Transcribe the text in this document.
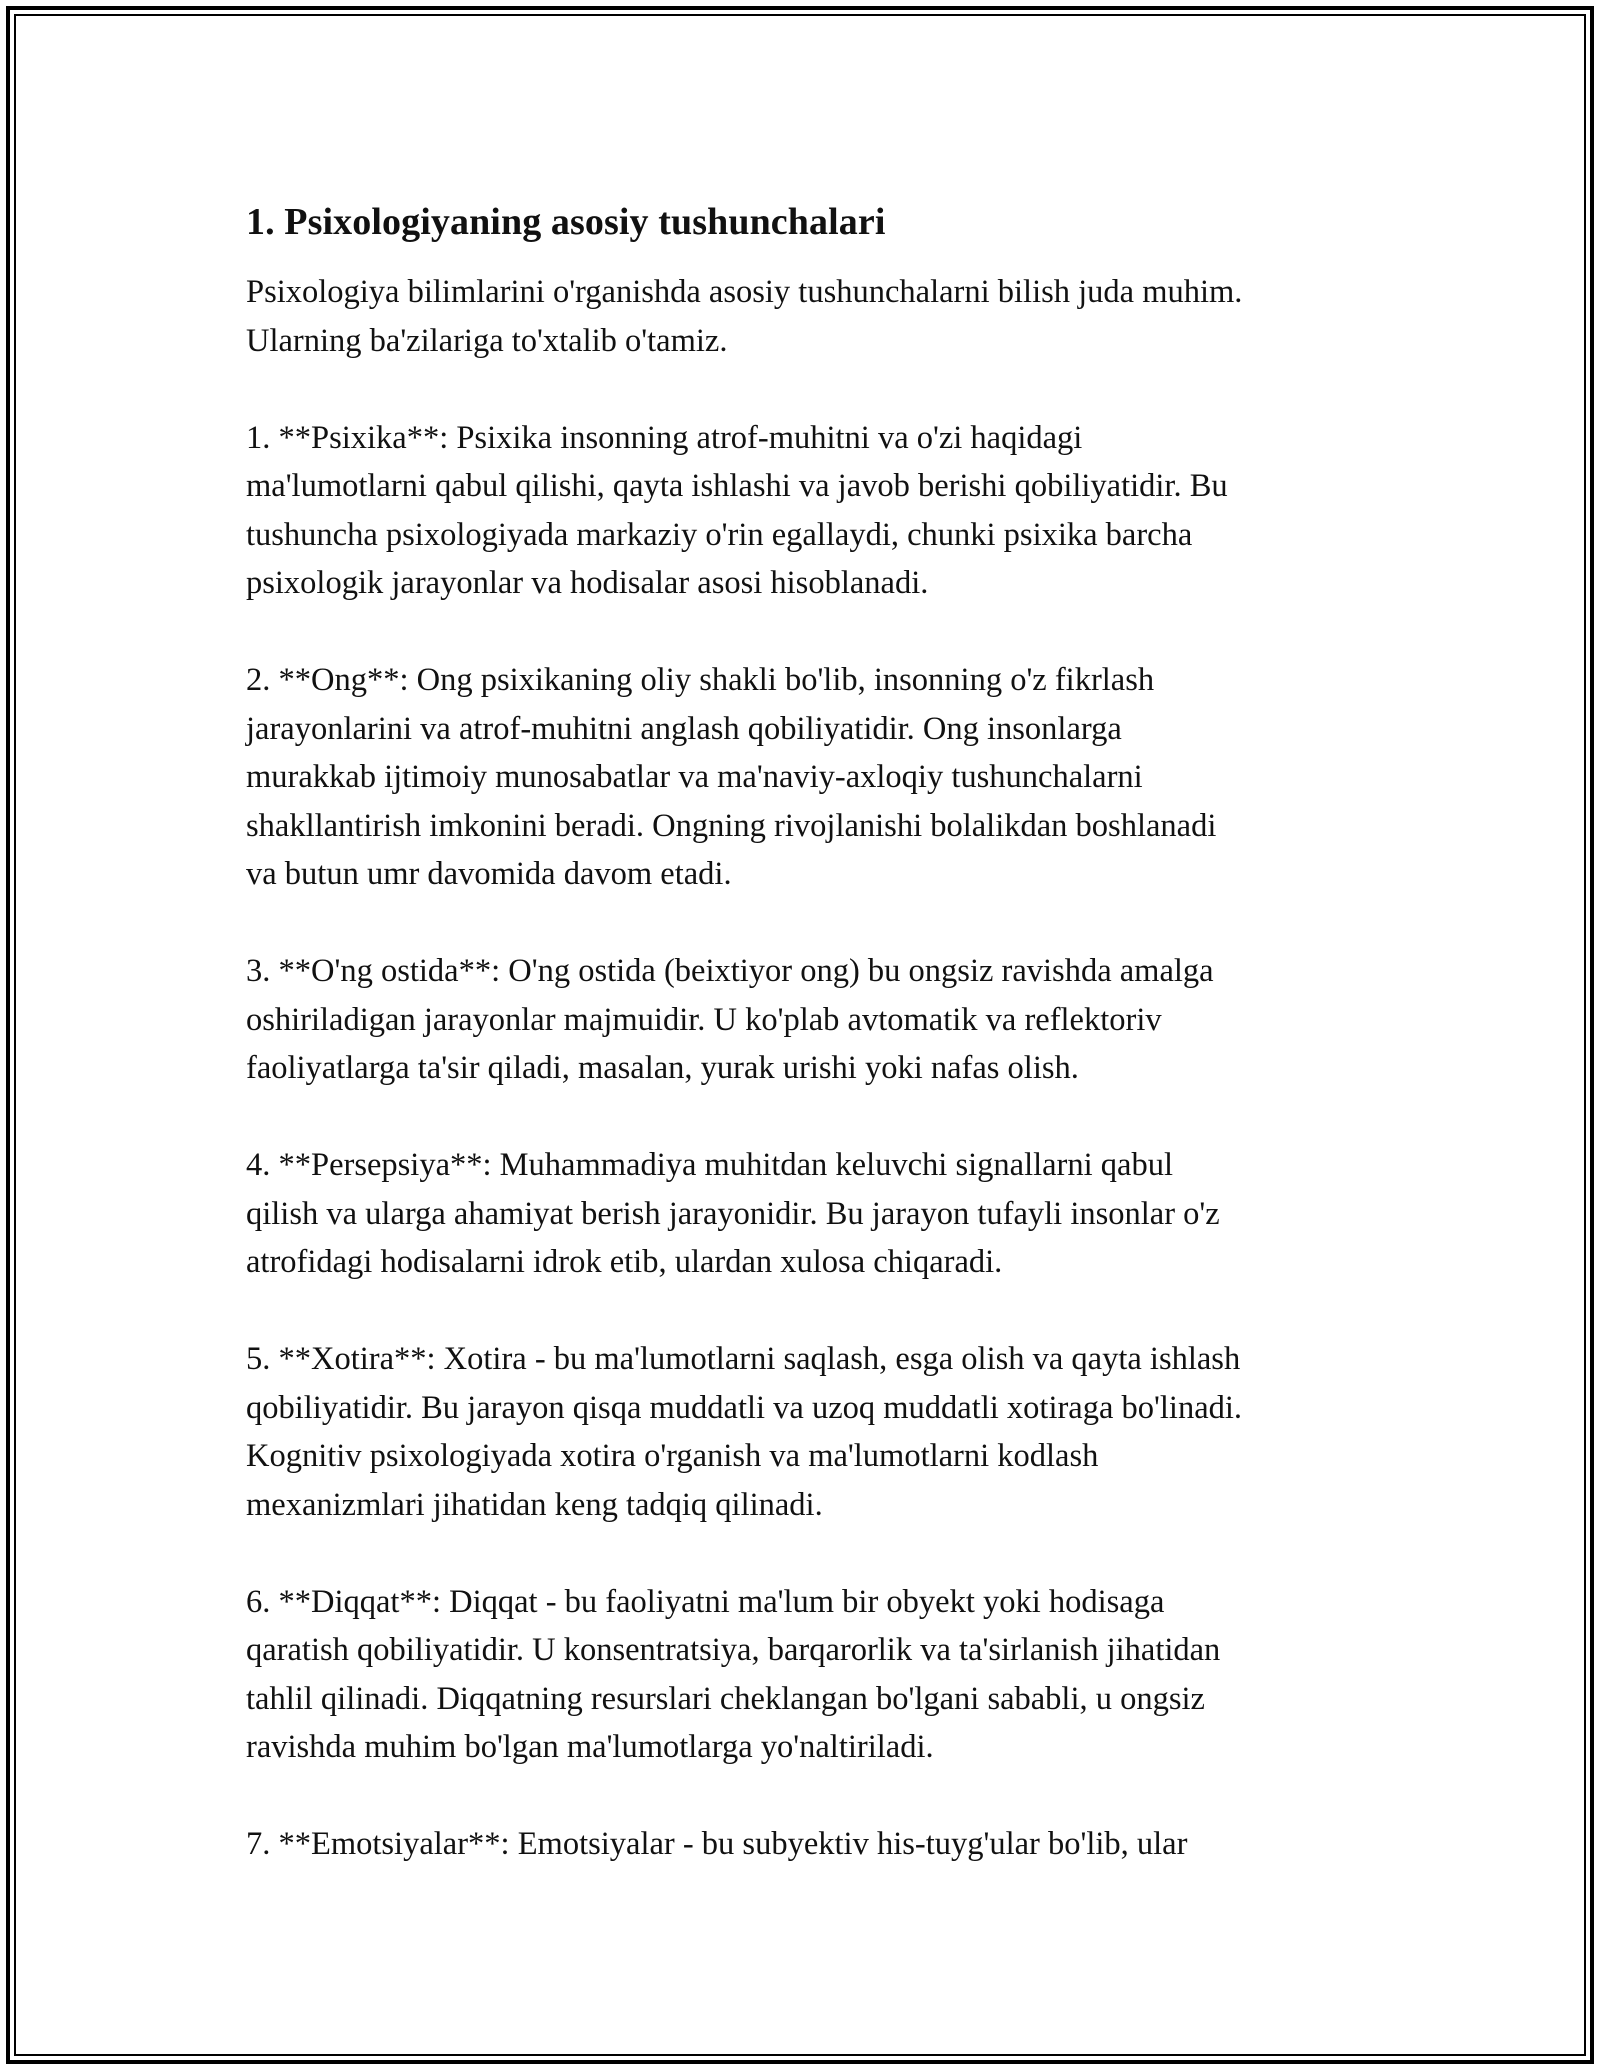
1. Psixologiyaning asosiy tushunchalari
Psixologiya bilimlarini o'rganishda asosiy tushunchalarni bilish juda muhim.
Ularning ba'zilariga to'xtalib o'tamiz.
1. **Psixika**: Psixika insonning atrof-muhitni va o'zi haqidagi
ma'lumotlarni qabul qilishi, qayta ishlashi va javob berishi qobiliyatidir. Bu
tushuncha psixologiyada markaziy o'rin egallaydi, chunki psixika barcha
psixologik jarayonlar va hodisalar asosi hisoblanadi.
2. **Ong**: Ong psixikaning oliy shakli bo'lib, insonning o'z fikrlash
jarayonlarini va atrof-muhitni anglash qobiliyatidir. Ong insonlarga
murakkab ijtimoiy munosabatlar va ma'naviy-axloqiy tushunchalarni
shakllantirish imkonini beradi. Ongning rivojlanishi bolalikdan boshlanadi
va butun umr davomida davom etadi.
3. **O'ng ostida**: O'ng ostida (beixtiyor ong) bu ongsiz ravishda amalga
oshiriladigan jarayonlar majmuidir. U ko'plab avtomatik va reflektoriv
faoliyatlarga ta'sir qiladi, masalan, yurak urishi yoki nafas olish.
4. **Persepsiya**: Muhammadiya muhitdan keluvchi signallarni qabul
qilish va ularga ahamiyat berish jarayonidir. Bu jarayon tufayli insonlar o'z
atrofidagi hodisalarni idrok etib, ulardan xulosa chiqaradi.
5. **Xotira**: Xotira - bu ma'lumotlarni saqlash, esga olish va qayta ishlash
qobiliyatidir. Bu jarayon qisqa muddatli va uzoq muddatli xotiraga bo'linadi.
Kognitiv psixologiyada xotira o'rganish va ma'lumotlarni kodlash
mexanizmlari jihatidan keng tadqiq qilinadi.
6. **Diqqat**: Diqqat - bu faoliyatni ma'lum bir obyekt yoki hodisaga
qaratish qobiliyatidir. U konsentratsiya, barqarorlik va ta'sirlanish jihatidan
tahlil qilinadi. Diqqatning resurslari cheklangan bo'lgani sababli, u ongsiz
ravishda muhim bo'lgan ma'lumotlarga yo'naltiriladi.
7. **Emotsiyalar**: Emotsiyalar - bu subyektiv his-tuyg'ular bo'lib, ular
